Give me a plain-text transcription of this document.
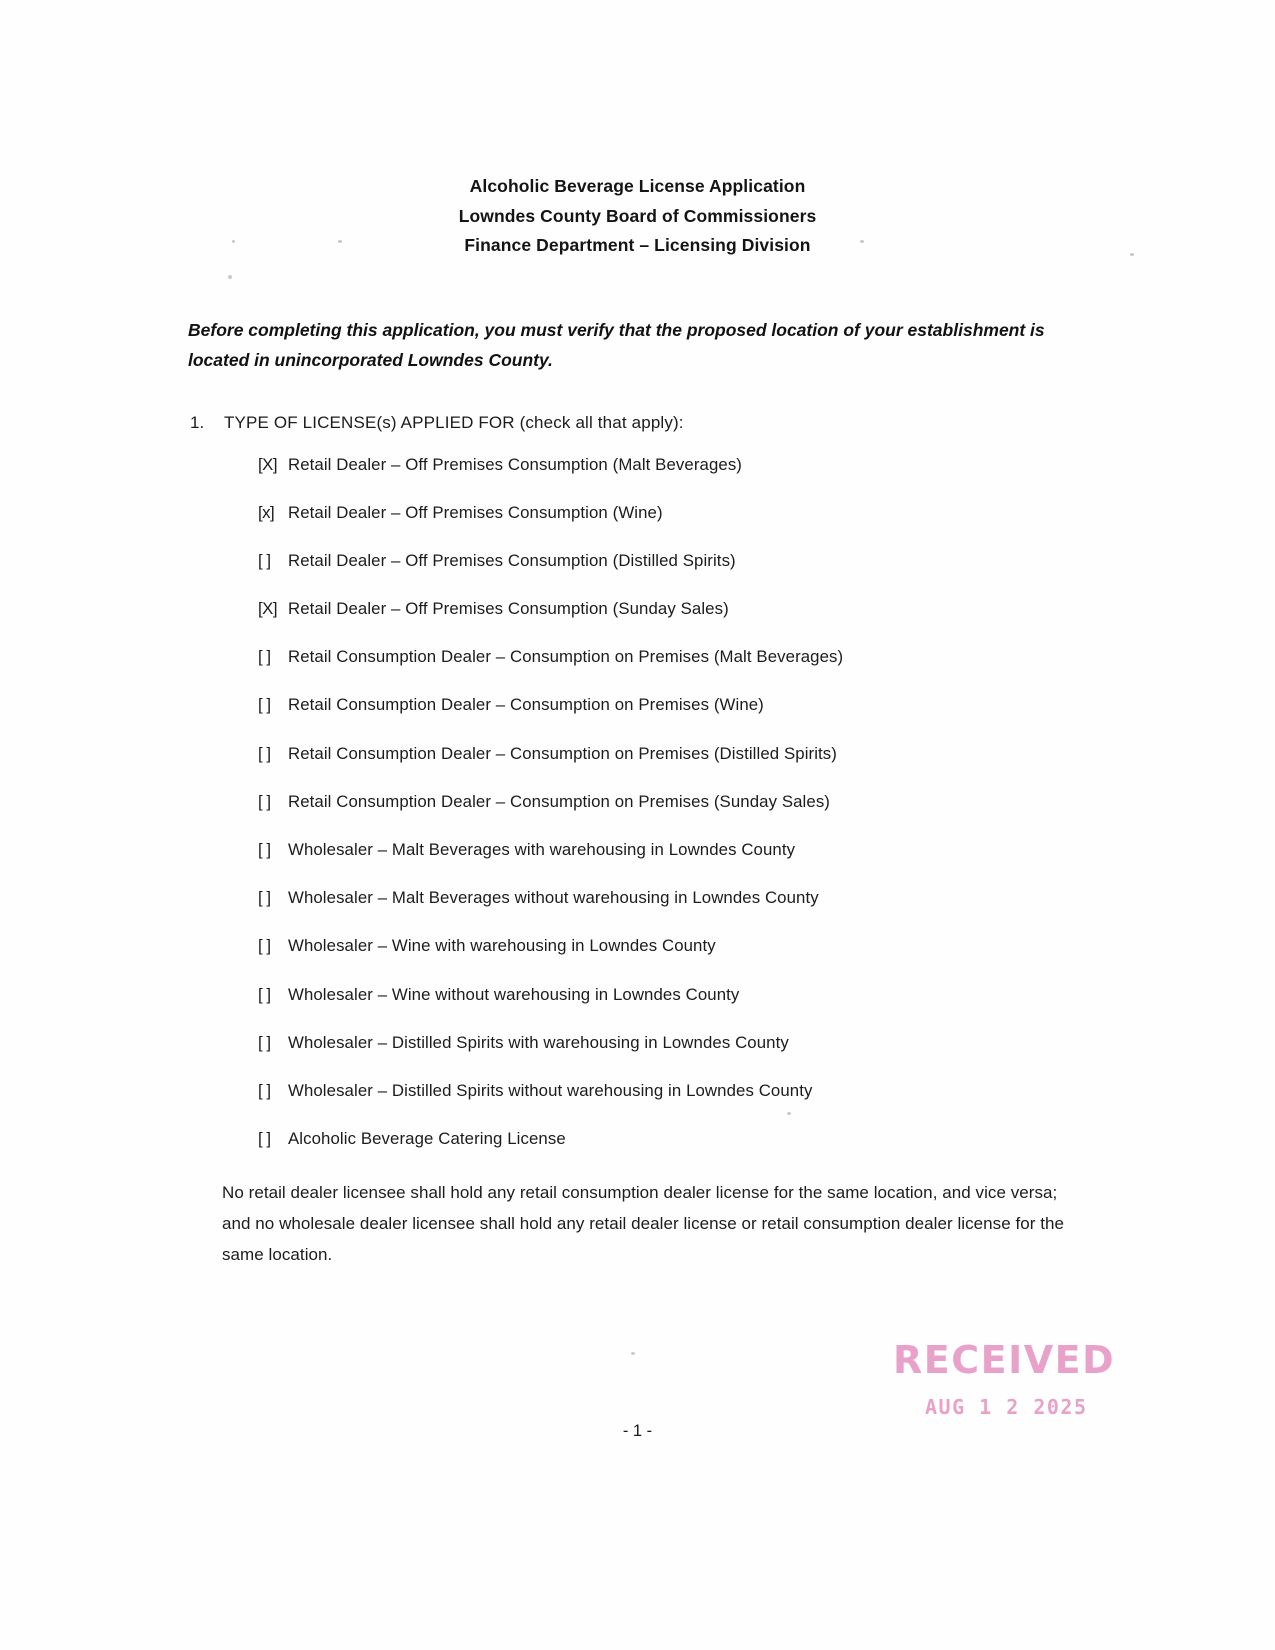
Alcoholic Beverage License Application
Lowndes County Board of Commissioners
Finance Department – Licensing Division
Before completing this application, you must verify that the proposed location of your establishment is located in unincorporated Lowndes County.
1.	TYPE OF LICENSE(s) APPLIED FOR (check all that apply):
[X] Retail Dealer – Off Premises Consumption (Malt Beverages)
[x] Retail Dealer – Off Premises Consumption (Wine)
[ ]	Retail Dealer – Off Premises Consumption (Distilled Spirits)
[X] Retail Dealer – Off Premises Consumption (Sunday Sales)
[ ]	Retail Consumption Dealer – Consumption on Premises (Malt Beverages)
[ ]	Retail Consumption Dealer – Consumption on Premises (Wine)
[ ]	Retail Consumption Dealer – Consumption on Premises (Distilled Spirits)
[ ]	Retail Consumption Dealer – Consumption on Premises (Sunday Sales)
[ ]	Wholesaler – Malt Beverages with warehousing in Lowndes County
[ ]	Wholesaler – Malt Beverages without warehousing in Lowndes County
[ ]	Wholesaler – Wine with warehousing in Lowndes County
[ ]	Wholesaler – Wine without warehousing in Lowndes County
[ ]	Wholesaler – Distilled Spirits with warehousing in Lowndes County
[ ]	Wholesaler – Distilled Spirits without warehousing in Lowndes County
[ ]	Alcoholic Beverage Catering License
No retail dealer licensee shall hold any retail consumption dealer license for the same location, and vice versa; and no wholesale dealer licensee shall hold any retail dealer license or retail consumption dealer license for the same location.
RECEIVED
AUG 1 2 2025
- 1 -
